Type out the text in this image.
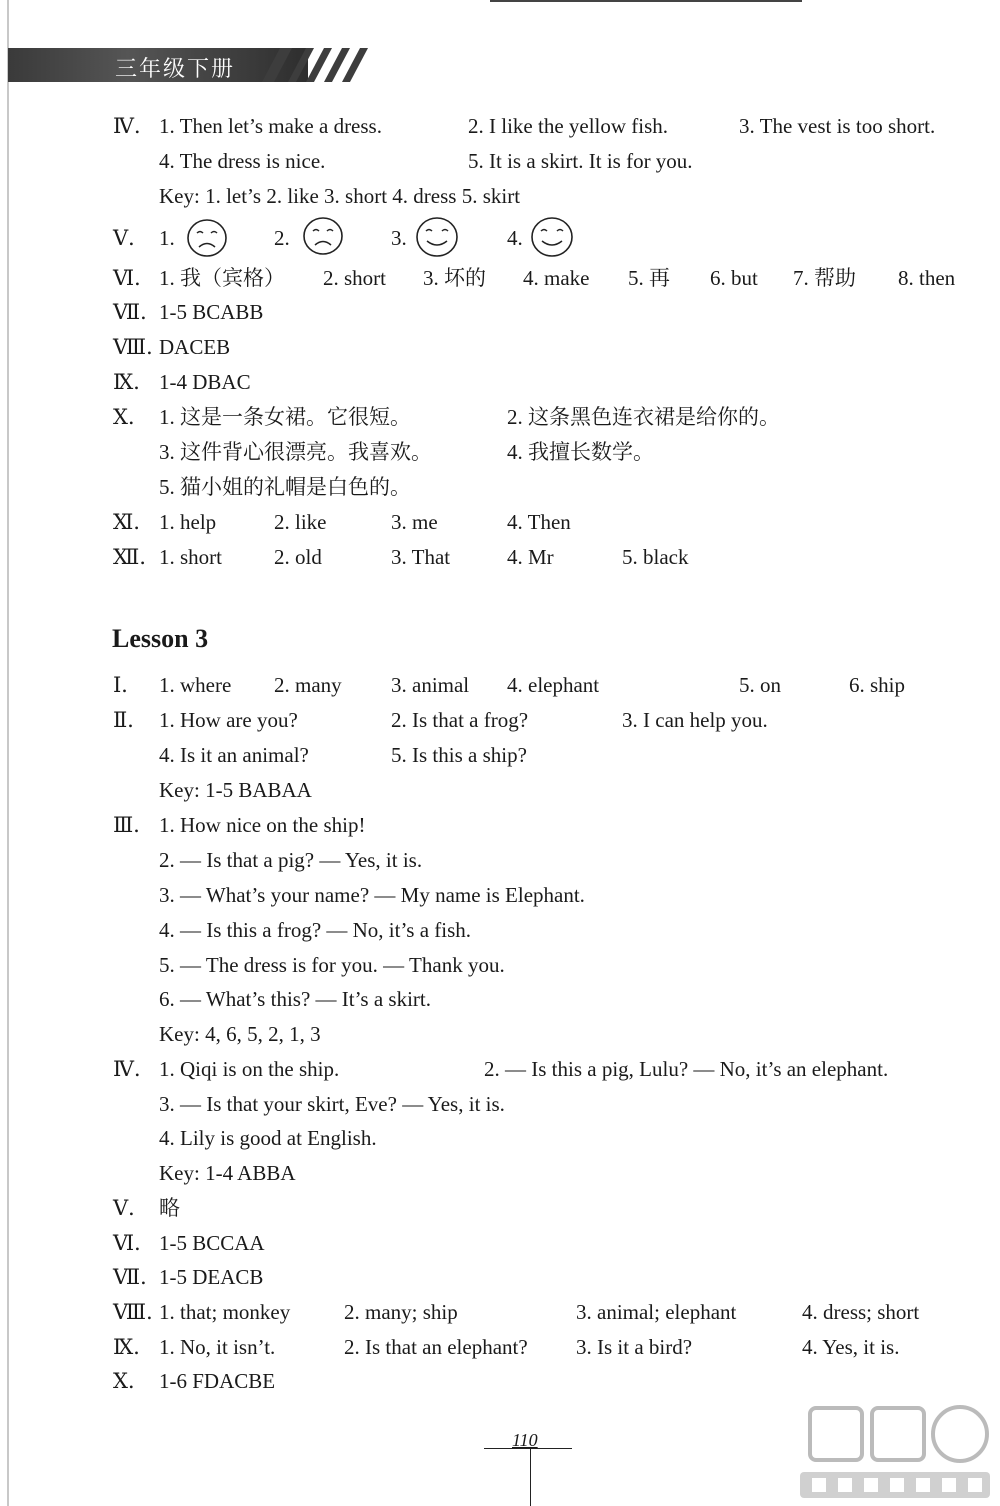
三年级下册
Ⅳ． 1. Then let’s make a dress.	2. I like the yellow fish.	3. The vest is too short.
4. The dress is nice.	5. It is a skirt. It is for you.
Key: 1. let’s 2. like 3. short 4. dress 5. skirt
Ⅴ． 1.	2.	3.	4.
Ⅵ． 1. 我（宾格） 2. short 3. 坏的 4. make 5. 再 6. but 7. 帮助 8. then
Ⅶ．
1-5 BCABB
Ⅷ．
DACEB
Ⅸ． 1-4 DBAC
Ⅹ． 1. 这是一条女裙。它很短。	2. 这条黑色连衣裙是给你的。
3. 这件背心很漂亮。我喜欢。	4. 我擅长数学。
5. 猫小姐的礼帽是白色的。
Ⅺ． 1. help	2. like	3. me	4. Then
Ⅻ．
1. short 2. old	3. That	4. Mr	5. black
Lesson 3
Ⅰ． 1. where 2. many 3. animal 4. elephant	5. on	6. ship
Ⅱ． 1. How are you?	2. Is that a frog?	3. I can help you.
4. Is it an animal?	5. Is this a ship?
Key: 1-5 BABAA
Ⅲ． 1. How nice on the ship!
2. — Is that a pig? — Yes, it is.
3. — What’s your name? — My name is Elephant.
4. — Is this a frog? — No, it’s a fish.
5. — The dress is for you. — Thank you.
6. — What’s this? — It’s a skirt.
Key: 4, 6, 5, 2, 1, 3
Ⅳ． 1. Qiqi is on the ship.	2. — Is this a pig, Lulu? — No, it’s an elephant.
3. — Is that your skirt, Eve? — Yes, it is.
4. Lily is good at English.
Key: 1-4 ABBA
Ⅴ． 略
Ⅵ． 1-5 BCCAA
Ⅶ．
1-5 DEACB
Ⅷ．
1. that; monkey	2. many; ship	3. animal; elephant	4. dress; short
Ⅸ． 1. No, it isn’t.	2. Is that an elephant? 3. Is it a bird?	4. Yes, it is.
Ⅹ． 1-6 FDACBE
110
